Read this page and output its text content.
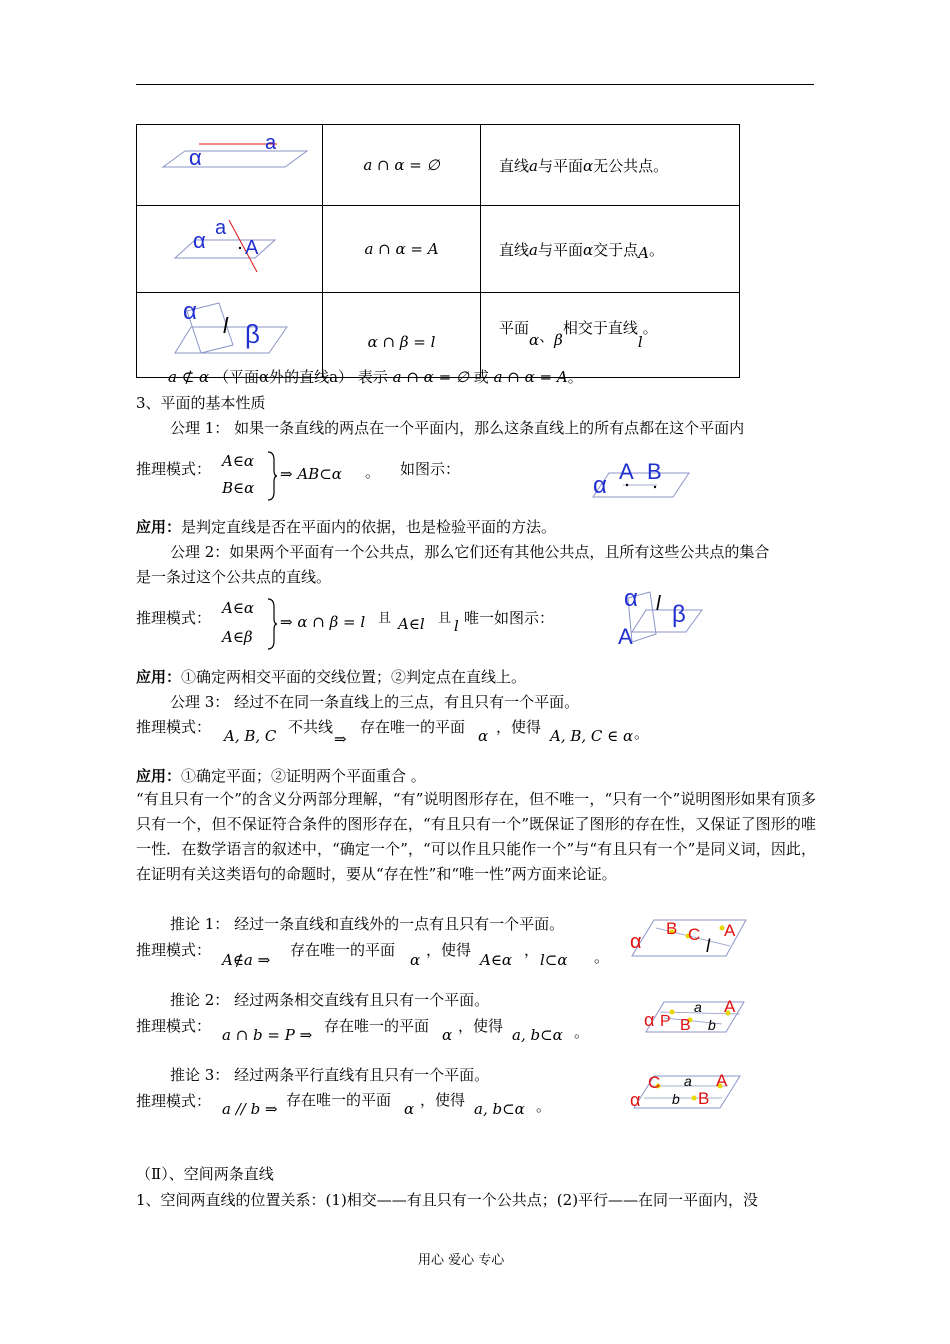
α
a	a ∩ α = ∅	直线a与平面α无公共点。

α a
A	a ∩ α = A	直线a与平面α交于点A。

α
l β	α ∩ β = l	平面α、β相交于直线l。
a ⊄ α （平面α外的直线a） 表示 a ∩ α = ∅ 或 a ∩ α = A。
3、平面的基本性质
公理 1： 如果一条直线的两点在一个平面内，那么这条直线上的所有点都在这个平面内
推理模式： A∈α
B∈α
⇒ AB⊂α 。 如图示：
α
A B
应用：是判定直线是否在平面内的依据，也是检验平面的方法。
公理 2：如果两个平面有一个公共点，那么它们还有其他公共点，且所有这些公共点的集合
是一条过这个公共点的直线。
推理模式：
A∈α
A∈β
⇒ α ∩ β = l 且 A∈l 且 l 唯一如图示：
α l β
A
应用：①确定两相交平面的交线位置；②判定点在直线上。
公理 3： 经过不在同一条直线上的三点，有且只有一个平面。
推理模式： A, B, C 不共线
⇒
存在唯一的平面 α ，使得 A, B, C ∈ α 。
应用：①确定平面；②证明两个平面重合 。
“有且只有一个”的含义分两部分理解，“有”说明图形存在，但不唯一，“只有一个”说明图形如果有顶多只有一个，但不保证符合条件的图形存在，“有且只有一个”既保证了图形的存在性，又保证了图形的唯一性．在数学语言的叙述中，“确定一个”，“可以作且只能作一个”与“有且只有一个”是同义词，因此，在证明有关这类语句的命题时，要从“存在性”和“唯一性”两方面来论证。
推论 1： 经过一条直线和直线外的一点有且只有一个平面。
推理模式：
A∉a ⇒
存在唯一的平面
α
，使得
A∈α
，
l⊂α 。
α
B C A
l
推论 2： 经过两条相交直线有且只有一个平面。
推理模式： a ∩ b = P ⇒ 存在唯一的平面 α ，使得 a, b⊂α 。
α P B
a A
b
推论 3： 经过两条平行直线有且只有一个平面。
推理模式： a // b ⇒ 存在唯一的平面 α ，使得 a, b⊂α 。
C a A
α b B
（Ⅱ）、空间两条直线
1、空间两直线的位置关系：(1)相交——有且只有一个公共点；(2)平行——在同一平面内，没
用心 爱心 专心
